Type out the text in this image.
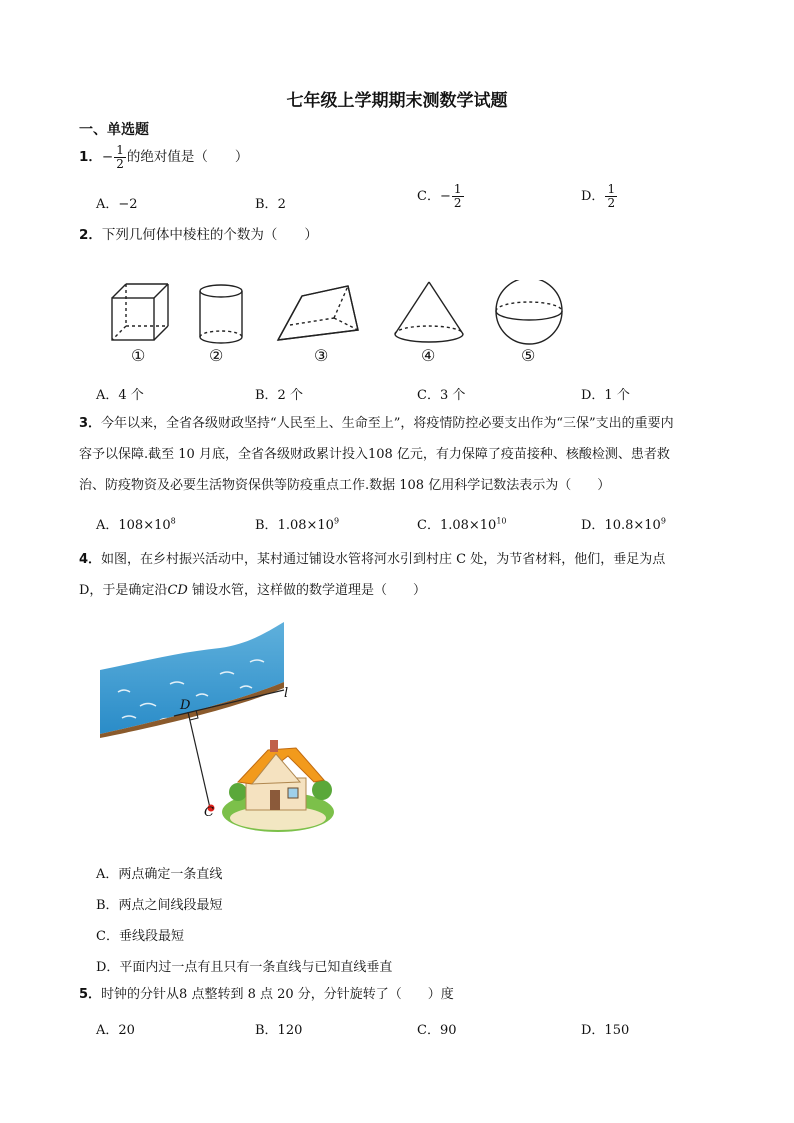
七年级上学期期末测数学试题
一、单选题
1．− $\frac{1}{2}$ 的绝对值是（　　）
A．−2	B．2
C．− $\frac{1}{2}$	D． $\frac{1}{2}$
2．下列几何体中棱柱的个数为（　　）
①	②	③	④	⑤
A．4 个	B．2 个	C．3 个	D．1 个
3．今年以来，全省各级财政坚持“人民至上、生命至上”，将疫情防控必要支出作为“三保”支出的重要内
容予以保障.截至 10 月底，全省各级财政累计投入108 亿元，有力保障了疫苗接种、核酸检测、患者救
治、防疫物资及必要生活物资保供等防疫重点工作.数据 108 亿用科学记数法表示为（　　）
A．$108\times 10^8$	B．$1.08\times 10^9$	C．$1.08\times 10^{10}$	D．$10.8\times 10^9$
4．如图，在乡村振兴活动中，某村通过铺设水管将河水引到村庄 C 处，为节省材料，他们，垂足为点
D，于是确定沿CD 铺设水管，这样做的数学道理是（　　）
D
l
C
A．两点确定一条直线
B．两点之间线段最短
C．垂线段最短
D．平面内过一点有且只有一条直线与已知直线垂直
5．时钟的分针从8 点整转到 8 点 20 分，分针旋转了（　　）度
A．20	B．120	C．90	D．150
